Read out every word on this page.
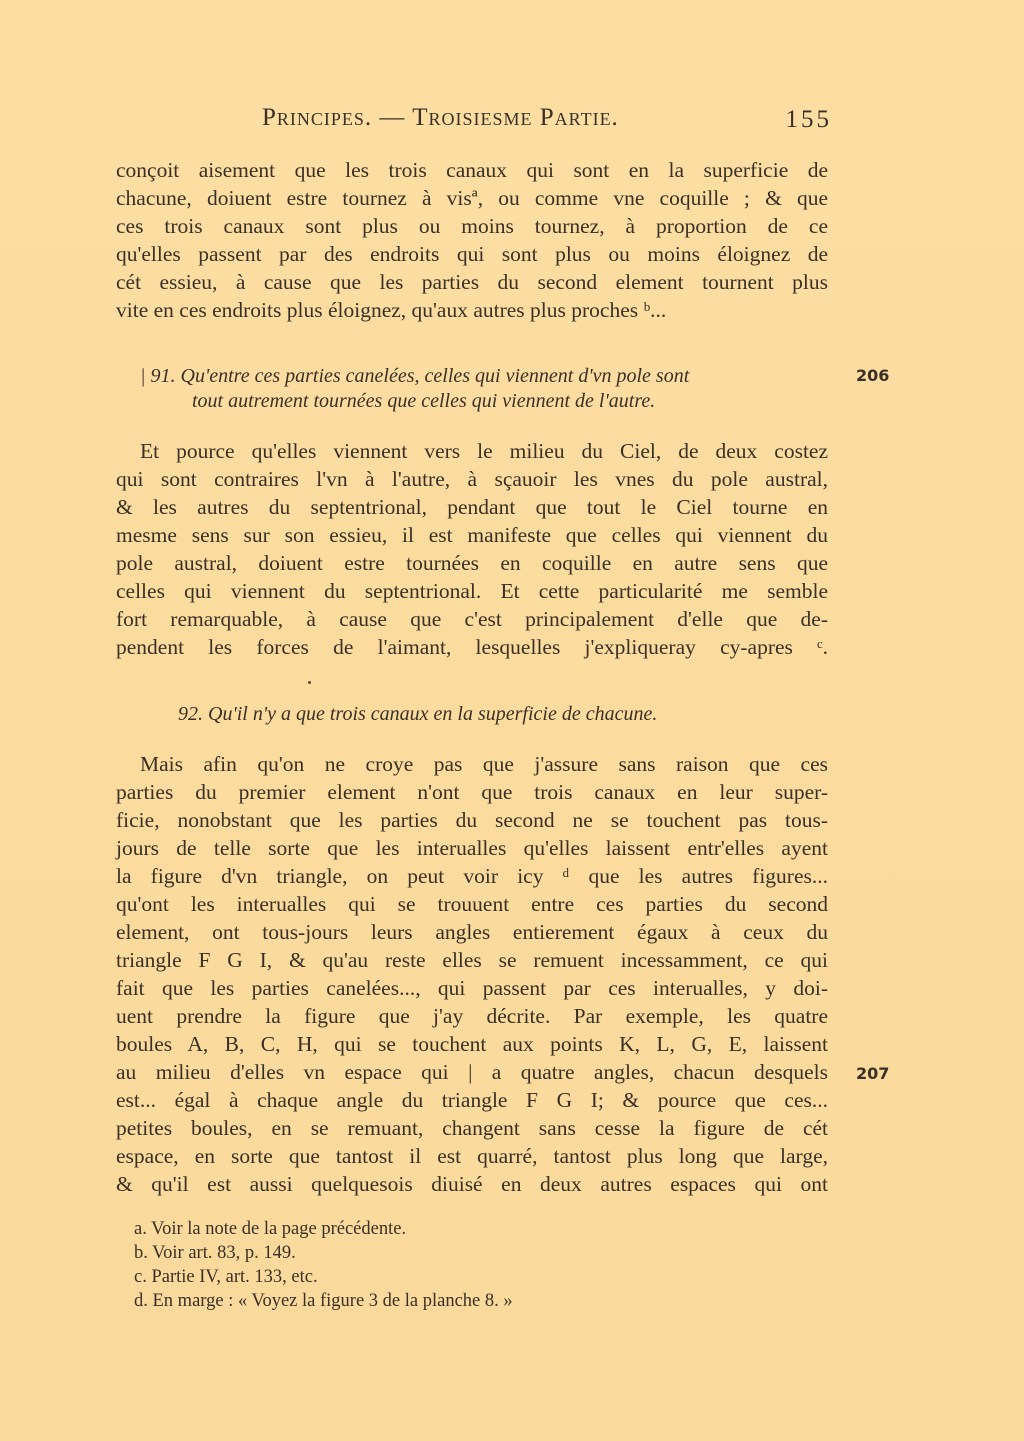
Principes. — Troisiesme Partie.	155
conçoit aisement que les trois canaux qui sont en la superficie de
chacune, doiuent estre tournez à visª, ou comme vne coquille ; & que
ces trois canaux sont plus ou moins tournez, à proportion de ce
qu'elles passent par des endroits qui sont plus ou moins éloignez de
cét essieu, à cause que les parties du second element tournent plus
vite en ces endroits plus éloignez, qu'aux autres plus proches ᵇ...
| 91. Qu'entre ces parties canelées, celles qui viennent d'vn pole sont
tout autrement tournées que celles qui viennent de l'autre.
206
Et pource qu'elles viennent vers le milieu du Ciel, de deux costez
qui sont contraires l'vn à l'autre, à sçauoir les vnes du pole austral,
& les autres du septentrional, pendant que tout le Ciel tourne en
mesme sens sur son essieu, il est manifeste que celles qui viennent du
pole austral, doiuent estre tournées en coquille en autre sens que
celles qui viennent du septentrional. Et cette particularité me semble
fort remarquable, à cause que c'est principalement d'elle que de-
pendent les forces de l'aimant, lesquelles j'expliqueray cy-apres ᶜ.
92. Qu'il n'y a que trois canaux en la superficie de chacune.
Mais afin qu'on ne croye pas que j'assure sans raison que ces
parties du premier element n'ont que trois canaux en leur super-
ficie, nonobstant que les parties du second ne se touchent pas tous-
jours de telle sorte que les interualles qu'elles laissent entr'elles ayent
la figure d'vn triangle, on peut voir icy ᵈ que les autres figures...
qu'ont les interualles qui se trouuent entre ces parties du second
element, ont tous-jours leurs angles entierement égaux à ceux du
triangle F G I, & qu'au reste elles se remuent incessamment, ce qui
fait que les parties canelées..., qui passent par ces interualles, y doi-
uent prendre la figure que j'ay décrite. Par exemple, les quatre
boules A, B, C, H, qui se touchent aux points K, L, G, E, laissent
au milieu d'elles vn espace qui | a quatre angles, chacun desquels
est... égal à chaque angle du triangle F G I; & pource que ces...
petites boules, en se remuant, changent sans cesse la figure de cét
espace, en sorte que tantost il est quarré, tantost plus long que large,
& qu'il est aussi quelquesois diuisé en deux autres espaces qui ont
207
a. Voir la note de la page précédente.
b. Voir art. 83, p. 149.
c. Partie IV, art. 133, etc.
d. En marge : « Voyez la figure 3 de la planche 8. »
